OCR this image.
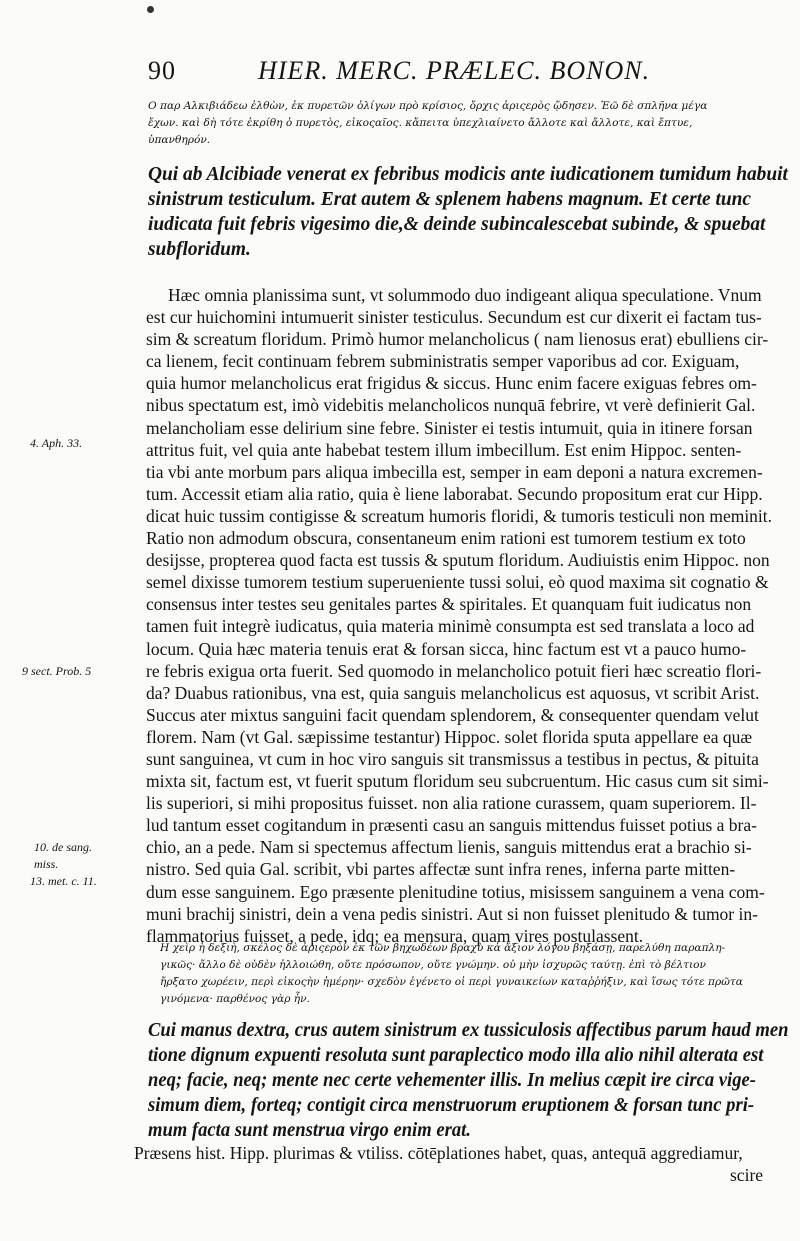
90	HIER. MERC. PRÆLEC. BONON.
Ο παρ Αλκιβιάδεω ἐλθὼν, ἐκ πυρετῶν ὀλίγων πρὸ κρίσιος, ὄρχις ἀριςερὸς ᾤδησεν. Ἐῶ δὲ σπλῆνα μέγα
ἔχων. καὶ δὴ τότε ἐκρίθη ὁ πυρετὸς, εἰκοςαῖος. κἄπειτα ὑπεχλιαίνετο ἄλλοτε καὶ ἄλλοτε, καὶ ἔπτυε,
ὑπανθηρόν.
Qui ab Alcibiade venerat ex febribus modicis ante iudicationem tumidum habuit
sinistrum testiculum. Erat autem & splenem habens magnum. Et certe tunc
iudicata fuit febris vigesimo die,& deinde subincalescebat subinde, & spuebat
subfloridum.
Hæc omnia planissima sunt, vt solummodo duo indigeant aliqua speculatione. Vnum
est cur huichomini intumuerit sinister testiculus. Secundum est cur dixerit ei factam tus-
sim & screatum floridum. Primò humor melancholicus ( nam lienosus erat) ebulliens cir-
ca lienem, fecit continuam febrem subministratis semper vaporibus ad cor. Exiguam,
quia humor melancholicus erat frigidus & siccus. Hunc enim facere exiguas febres om-
nibus spectatum est, imò videbitis melancholicos nunquā febrire, vt verè definierit Gal.
melancholiam esse delirium sine febre. Sinister ei testis intumuit, quia in itinere forsan
attritus fuit, vel quia ante habebat testem illum imbecillum. Est enim Hippoc. senten-
tia vbi ante morbum pars aliqua imbecilla est, semper in eam deponi a natura excremen-
tum. Accessit etiam alia ratio, quia è liene laborabat. Secundo propositum erat cur Hipp.
dicat huic tussim contigisse & screatum humoris floridi, & tumoris testiculi non meminit.
Ratio non admodum obscura, consentaneum enim rationi est tumorem testium ex toto
desijsse, propterea quod facta est tussis & sputum floridum. Audiuistis enim Hippoc. non
semel dixisse tumorem testium superueniente tussi solui, eò quod maxima sit cognatio &
consensus inter testes seu genitales partes & spiritales. Et quanquam fuit iudicatus non
tamen fuit integrè iudicatus, quia materia minimè consumpta est sed translata a loco ad
locum. Quia hæc materia tenuis erat & forsan sicca, hinc factum est vt a pauco humo-
re febris exigua orta fuerit. Sed quomodo in melancholico potuit fieri hæc screatio flori-
da? Duabus rationibus, vna est, quia sanguis melancholicus est aquosus, vt scribit Arist.
Succus ater mixtus sanguini facit quendam splendorem, & consequenter quendam velut
florem. Nam (vt Gal. sæpissime testantur) Hippoc. solet florida sputa appellare ea quæ
sunt sanguinea, vt cum in hoc viro sanguis sit transmissus a testibus in pectus, & pituita
mixta sit, factum est, vt fuerit sputum floridum seu subcruentum. Hic casus cum sit simi-
lis superiori, si mihi propositus fuisset. non alia ratione curassem, quam superiorem. Il-
lud tantum esset cogitandum in præsenti casu an sanguis mittendus fuisset potius a bra-
chio, an a pede. Nam si spectemus affectum lienis, sanguis mittendus erat a brachio si-
nistro. Sed quia Gal. scribit, vbi partes affectæ sunt infra renes, inferna parte mitten-
dum esse sanguinem. Ego præsente plenitudine totius, misissem sanguinem a vena com-
muni brachij sinistri, dein a vena pedis sinistri. Aut si non fuisset plenitudo & tumor in-
flammatorius fuisset, a pede, idq; ea mensura, quam vires postulassent.
4. Aph. 33.
9 sect. Prob. 5
10. de sang.
miss.
13. met. c. 11.
Η χεὶρ ἡ δεξιὴ, σκέλος δὲ ἀριςερὸν ἐκ τῶν βηχωδέων βραχὺ κἀ ἄξιον λόγου βηξάσῃ, παρελύθη παραπλη-
γικῶς· ἄλλο δὲ οὐδὲν ἠλλοιώθη, οὔτε πρόσωπον, οὔτε γνώμην. οὐ μὴν ἰσχυρῶς ταύτῃ. ἐπὶ τὸ βέλτιον
ἤρξατο χωρέειν, περὶ εἰκοςὴν ἡμέρην· σχεδὸν ἐγένετο οἱ περὶ γυναικείων καταῤῥήξιν, καὶ ἴσως τότε πρῶτα
γινόμενα· παρθένος γὰρ ἦν.
Cui manus dextra, crus autem sinistrum ex tussiculosis affectibus parum haud men
tione dignum expuenti resoluta sunt paraplectico modo illa alio nihil alterata est
neq; facie, neq; mente nec certe vehementer illis. In melius cæpit ire circa vige-
simum diem, forteq; contigit circa menstruorum eruptionem & forsan tunc pri-
mum facta sunt menstrua virgo enim erat.
Præsens hist. Hipp. plurimas & vtiliss. cōtēplationes habet, quas, antequā aggrediamur,
scire
